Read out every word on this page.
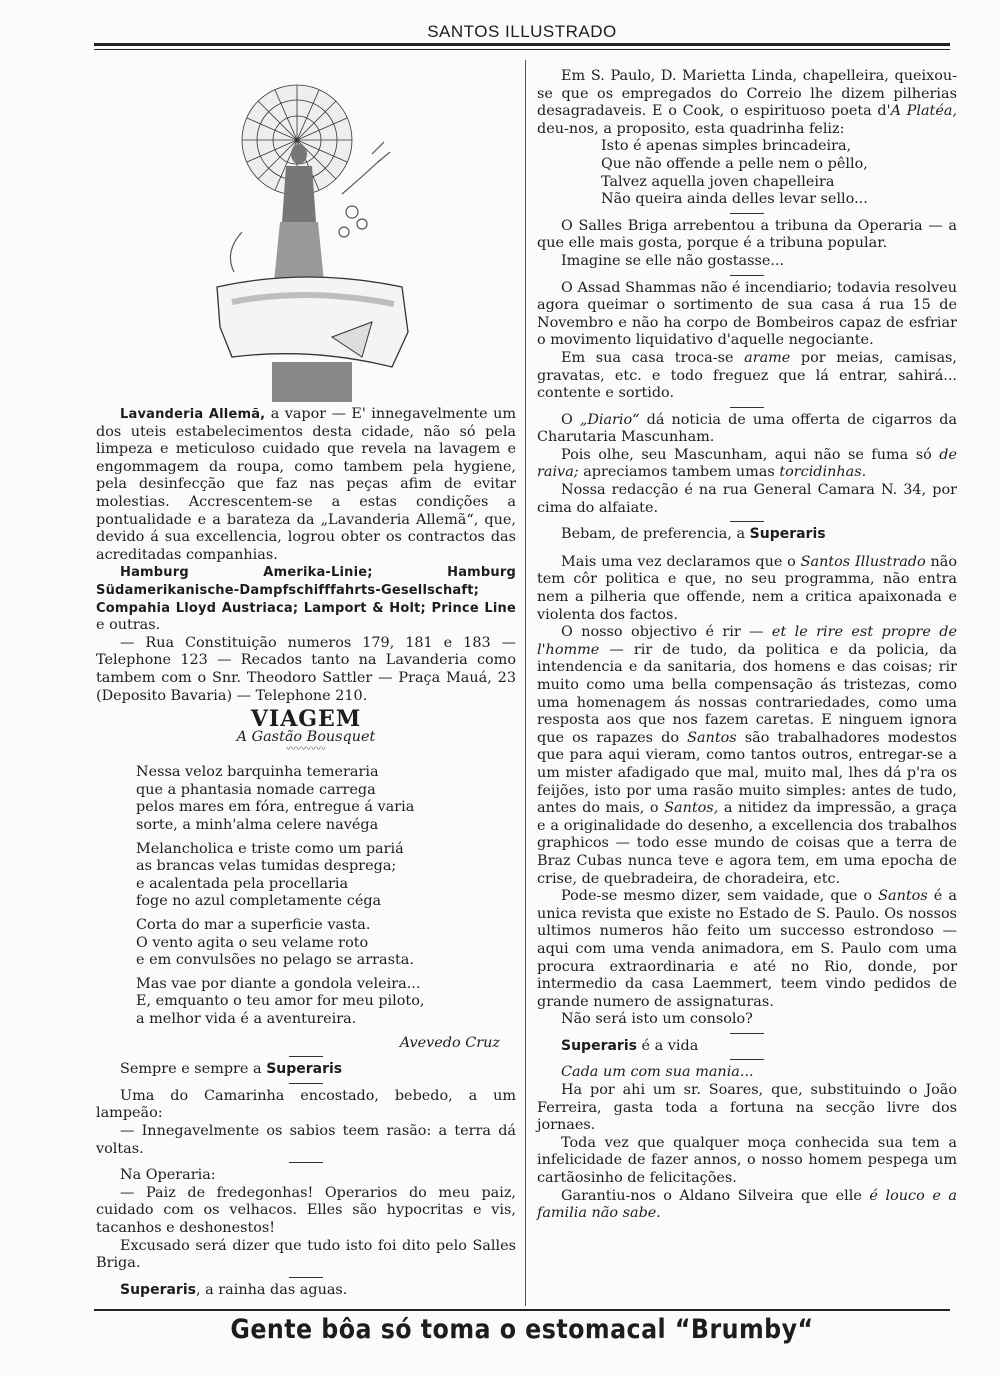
SANTOS ILLUSTRADO

Lavanderia Allemã, a vapor — E' innegavelmente um dos uteis estabelecimentos desta cidade, não só pela limpeza e meticuloso cuidado que revela na lavagem e engommagem da roupa, como tambem pela hygiene, pela desinfecção que faz nas peças afim de evitar molestias. Accrescentem-se a estas condições a pontualidade e a barateza da „Lavanderia Allemã“, que, devido á sua excellencia, logrou obter os contractos das acreditadas companhias.

Hamburg Amerika-Linie; Hamburg Südamerikanische-Dampfschifffahrts-Gesellschaft; Compahia Lloyd Austriaca; Lamport & Holt; Prince Line e outras.

— Rua Constituição numeros 179, 181 e 183 — Telephone 123 — Recados tanto na Lavanderia como tambem com o Snr. Theodoro Sattler — Praça Mauá, 23 (Deposito Bavaria) — Telephone 210.

VIAGEM
A Gastão Bousquet
〰〰〰〰
Nessa veloz barquinha temeraria
que a phantasia nomade carrega
pelos mares em fóra, entregue á varia
sorte, a minh'alma celere navéga
Melancholica e triste como um pariá
as brancas velas tumidas desprega;
e acalentada pela procellaria
foge no azul completamente céga
Corta do mar a superficie vasta.
O vento agita o seu velame roto
e em convulsões no pelago se arrasta.
Mas vae por diante a gondola veleira...
E, emquanto o teu amor for meu piloto,
a melhor vida é a aventureira.
Avevedo Cruz

Sempre e sempre a Superaris

Uma do Camarinha encostado, bebedo, a um lampeão:

— Innegavelmente os sabios teem rasão: a terra dá voltas.

Na Operaria:

— Paiz de fredegonhas! Operarios do meu paiz, cuidado com os velhacos. Elles são hypocritas e vis, tacanhos e deshonestos!

Excusado será dizer que tudo isto foi dito pelo Salles Briga.

Superaris, a rainha das aguas.

Em S. Paulo, D. Marietta Linda, chapelleira, queixou-se que os empregados do Correio lhe dizem pilherias desagradaveis. E o Cook, o espirituoso poeta d'A Platéa, deu-nos, a proposito, esta quadrinha feliz:

Isto é apenas simples brincadeira,
Que não offende a pelle nem o pêllo,
Talvez aquella joven chapelleira
Não queira ainda delles levar sello...

O Salles Briga arrebentou a tribuna da Operaria — a que elle mais gosta, porque é a tribuna popular.

Imagine se elle não gostasse...

O Assad Shammas não é incendiario; todavia resolveu agora queimar o sortimento de sua casa á rua 15 de Novembro e não ha corpo de Bombeiros capaz de esfriar o movimento liquidativo d'aquelle negociante.

Em sua casa troca-se arame por meias, camisas, gravatas, etc. e todo freguez que lá entrar, sahirá... contente e sortido.

O „Diario“ dá noticia de uma offerta de cigarros da Charutaria Mascunham.

Pois olhe, seu Mascunham, aqui não se fuma só de raiva; apreciamos tambem umas torcidinhas.

Nossa redacção é na rua General Camara N. 34, por cima do alfaiate.

Bebam, de preferencia, a Superaris

Mais uma vez declaramos que o Santos Illustrado não tem côr politica e que, no seu programma, não entra nem a pilheria que offende, nem a critica apaixonada e violenta dos factos.

O nosso objectivo é rir — et le rire est propre de l'homme — rir de tudo, da politica e da policia, da intendencia e da sanitaria, dos homens e das coisas; rir muito como uma bella compensação ás tristezas, como uma homenagem ás nossas contrariedades, como uma resposta aos que nos fazem caretas. E ninguem ignora que os rapazes do Santos são trabalhadores modestos que para aqui vieram, como tantos outros, entregar-se a um mister afadigado que mal, muito mal, lhes dá p'ra os feijões, isto por uma rasão muito simples: antes de tudo, antes do mais, o Santos, a nitidez da impressão, a graça e a originalidade do desenho, a excellencia dos trabalhos graphicos — todo esse mundo de coisas que a terra de Braz Cubas nunca teve e agora tem, em uma epocha de crise, de quebradeira, de choradeira, etc.

Pode-se mesmo dizer, sem vaidade, que o Santos é a unica revista que existe no Estado de S. Paulo. Os nossos ultimos numeros hão feito um successo estrondoso — aqui com uma venda animadora, em S. Paulo com uma procura extraordinaria e até no Rio, donde, por intermedio da casa Laemmert, teem vindo pedidos de grande numero de assignaturas.

Não será isto um consolo?

Superaris é a vida

Cada um com sua mania...

Ha por ahi um sr. Soares, que, substituindo o João Ferreira, gasta toda a fortuna na secção livre dos jornaes.

Toda vez que qualquer moça conhecida sua tem a infelicidade de fazer annos, o nosso homem pespega um cartãosinho de felicitações.

Garantiu-nos o Aldano Silveira que elle é louco e a familia não sabe.

Gente bôa só toma o estomacal “Brumby“
